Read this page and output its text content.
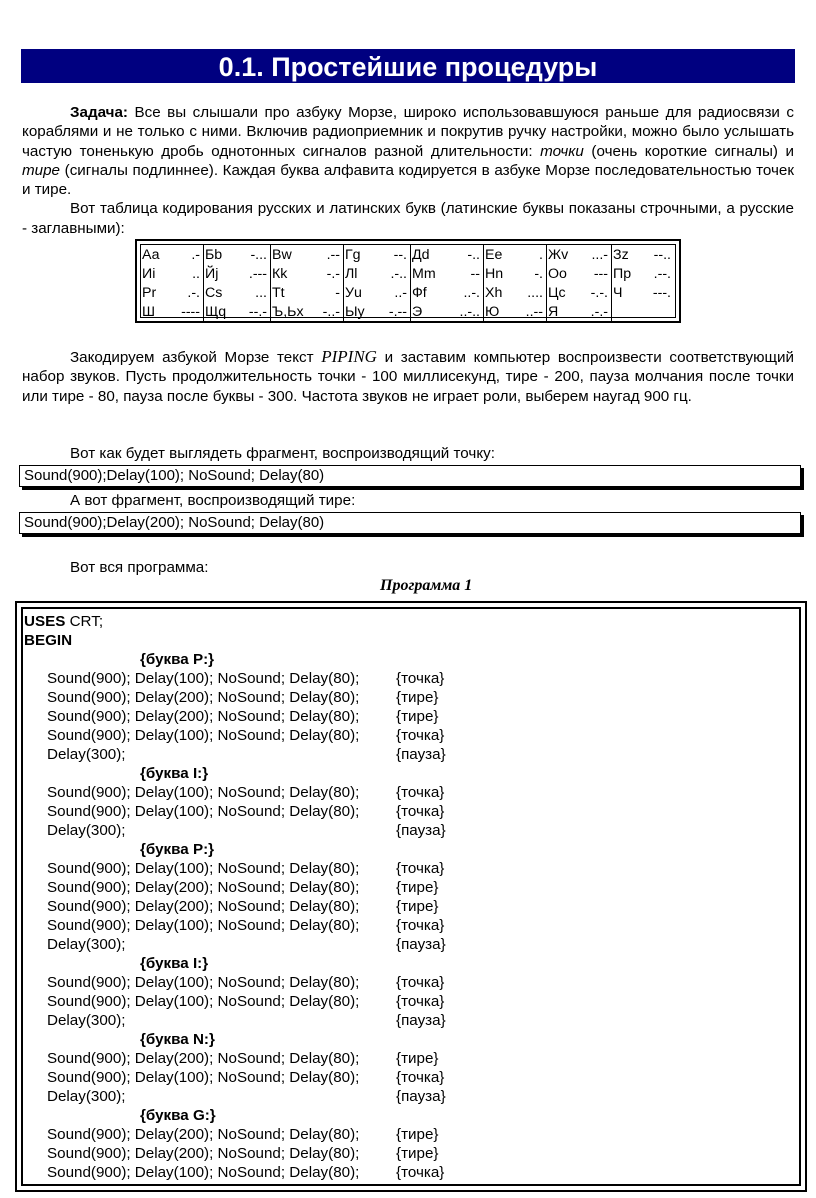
0.1. Простейшие процедуры

Задача: Все вы слышали про азбуку Морзе, широко использовавшуюся раньше для радиосвязи с кораблями и не только с ними. Включив радиоприемник и покрутив ручку настройки, можно было услышать частую тоненькую дробь однотонных сигналов разной длительности: точки (очень короткие сигналы) и тире (сигналы подлиннее). Каждая буква алфавита кодируется в азбуке Морзе последовательностью точек и тире.

Вот таблица кодирования русских и латинских букв (латинские буквы показаны строчными, а русские - заглавными):

Аа .-	Бb -...	Вw .--	Гg --.	Дd -..	Ее .	Жv ...-	Зz --..

Иi ..	Йj .---	Кk -.-	Лl .-..	Мm --	Нn -.	Оо ---	Пp .--.

Рr .-.	Сs ...	Тt -	Уu ..-	Фf ..-.	Хh ....	Цc -.-.	Ч ---.

Ш ----	Щq --.-	Ъ,Ьх -..-	Ыy -.--	Э ..-..	Ю ..--	Я .-.-	

Закодируем азбукой Морзе текст PIPING и заставим компьютер воспроизвести соответствующий набор звуков. Пусть продолжительность точки - 100 миллисекунд, тире - 200, пауза молчания после точки или тире - 80, пауза после буквы - 300. Частота звуков не играет роли, выберем наугад 900 гц.

Вот как будет выглядеть фрагмент, воспроизводящий точку:
Sound(900);Delay(100); NoSound; Delay(80)
А вот фрагмент, воспроизводящий тире:
Sound(900);Delay(200); NoSound; Delay(80)
Вот вся программа:
Программа 1
USES CRT;
BEGIN
{буква P:}
Sound(900); Delay(100); NoSound; Delay(80); {точка}
Sound(900); Delay(200); NoSound; Delay(80); {тире}
Sound(900); Delay(200); NoSound; Delay(80); {тире}
Sound(900); Delay(100); NoSound; Delay(80); {точка}
Delay(300);	{пауза}
{буква I:}
Sound(900); Delay(100); NoSound; Delay(80); {точка}
Sound(900); Delay(100); NoSound; Delay(80); {точка}
Delay(300);	{пауза}
{буква P:}
Sound(900); Delay(100); NoSound; Delay(80); {точка}
Sound(900); Delay(200); NoSound; Delay(80); {тире}
Sound(900); Delay(200); NoSound; Delay(80); {тире}
Sound(900); Delay(100); NoSound; Delay(80); {точка}
Delay(300);	{пауза}
{буква I:}
Sound(900); Delay(100); NoSound; Delay(80); {точка}
Sound(900); Delay(100); NoSound; Delay(80); {точка}
Delay(300);	{пауза}
{буква N:}
Sound(900); Delay(200); NoSound; Delay(80); {тире}
Sound(900); Delay(100); NoSound; Delay(80); {точка}
Delay(300);	{пауза}
{буква G:}
Sound(900); Delay(200); NoSound; Delay(80); {тире}
Sound(900); Delay(200); NoSound; Delay(80); {тире}
Sound(900); Delay(100); NoSound; Delay(80); {точка}
